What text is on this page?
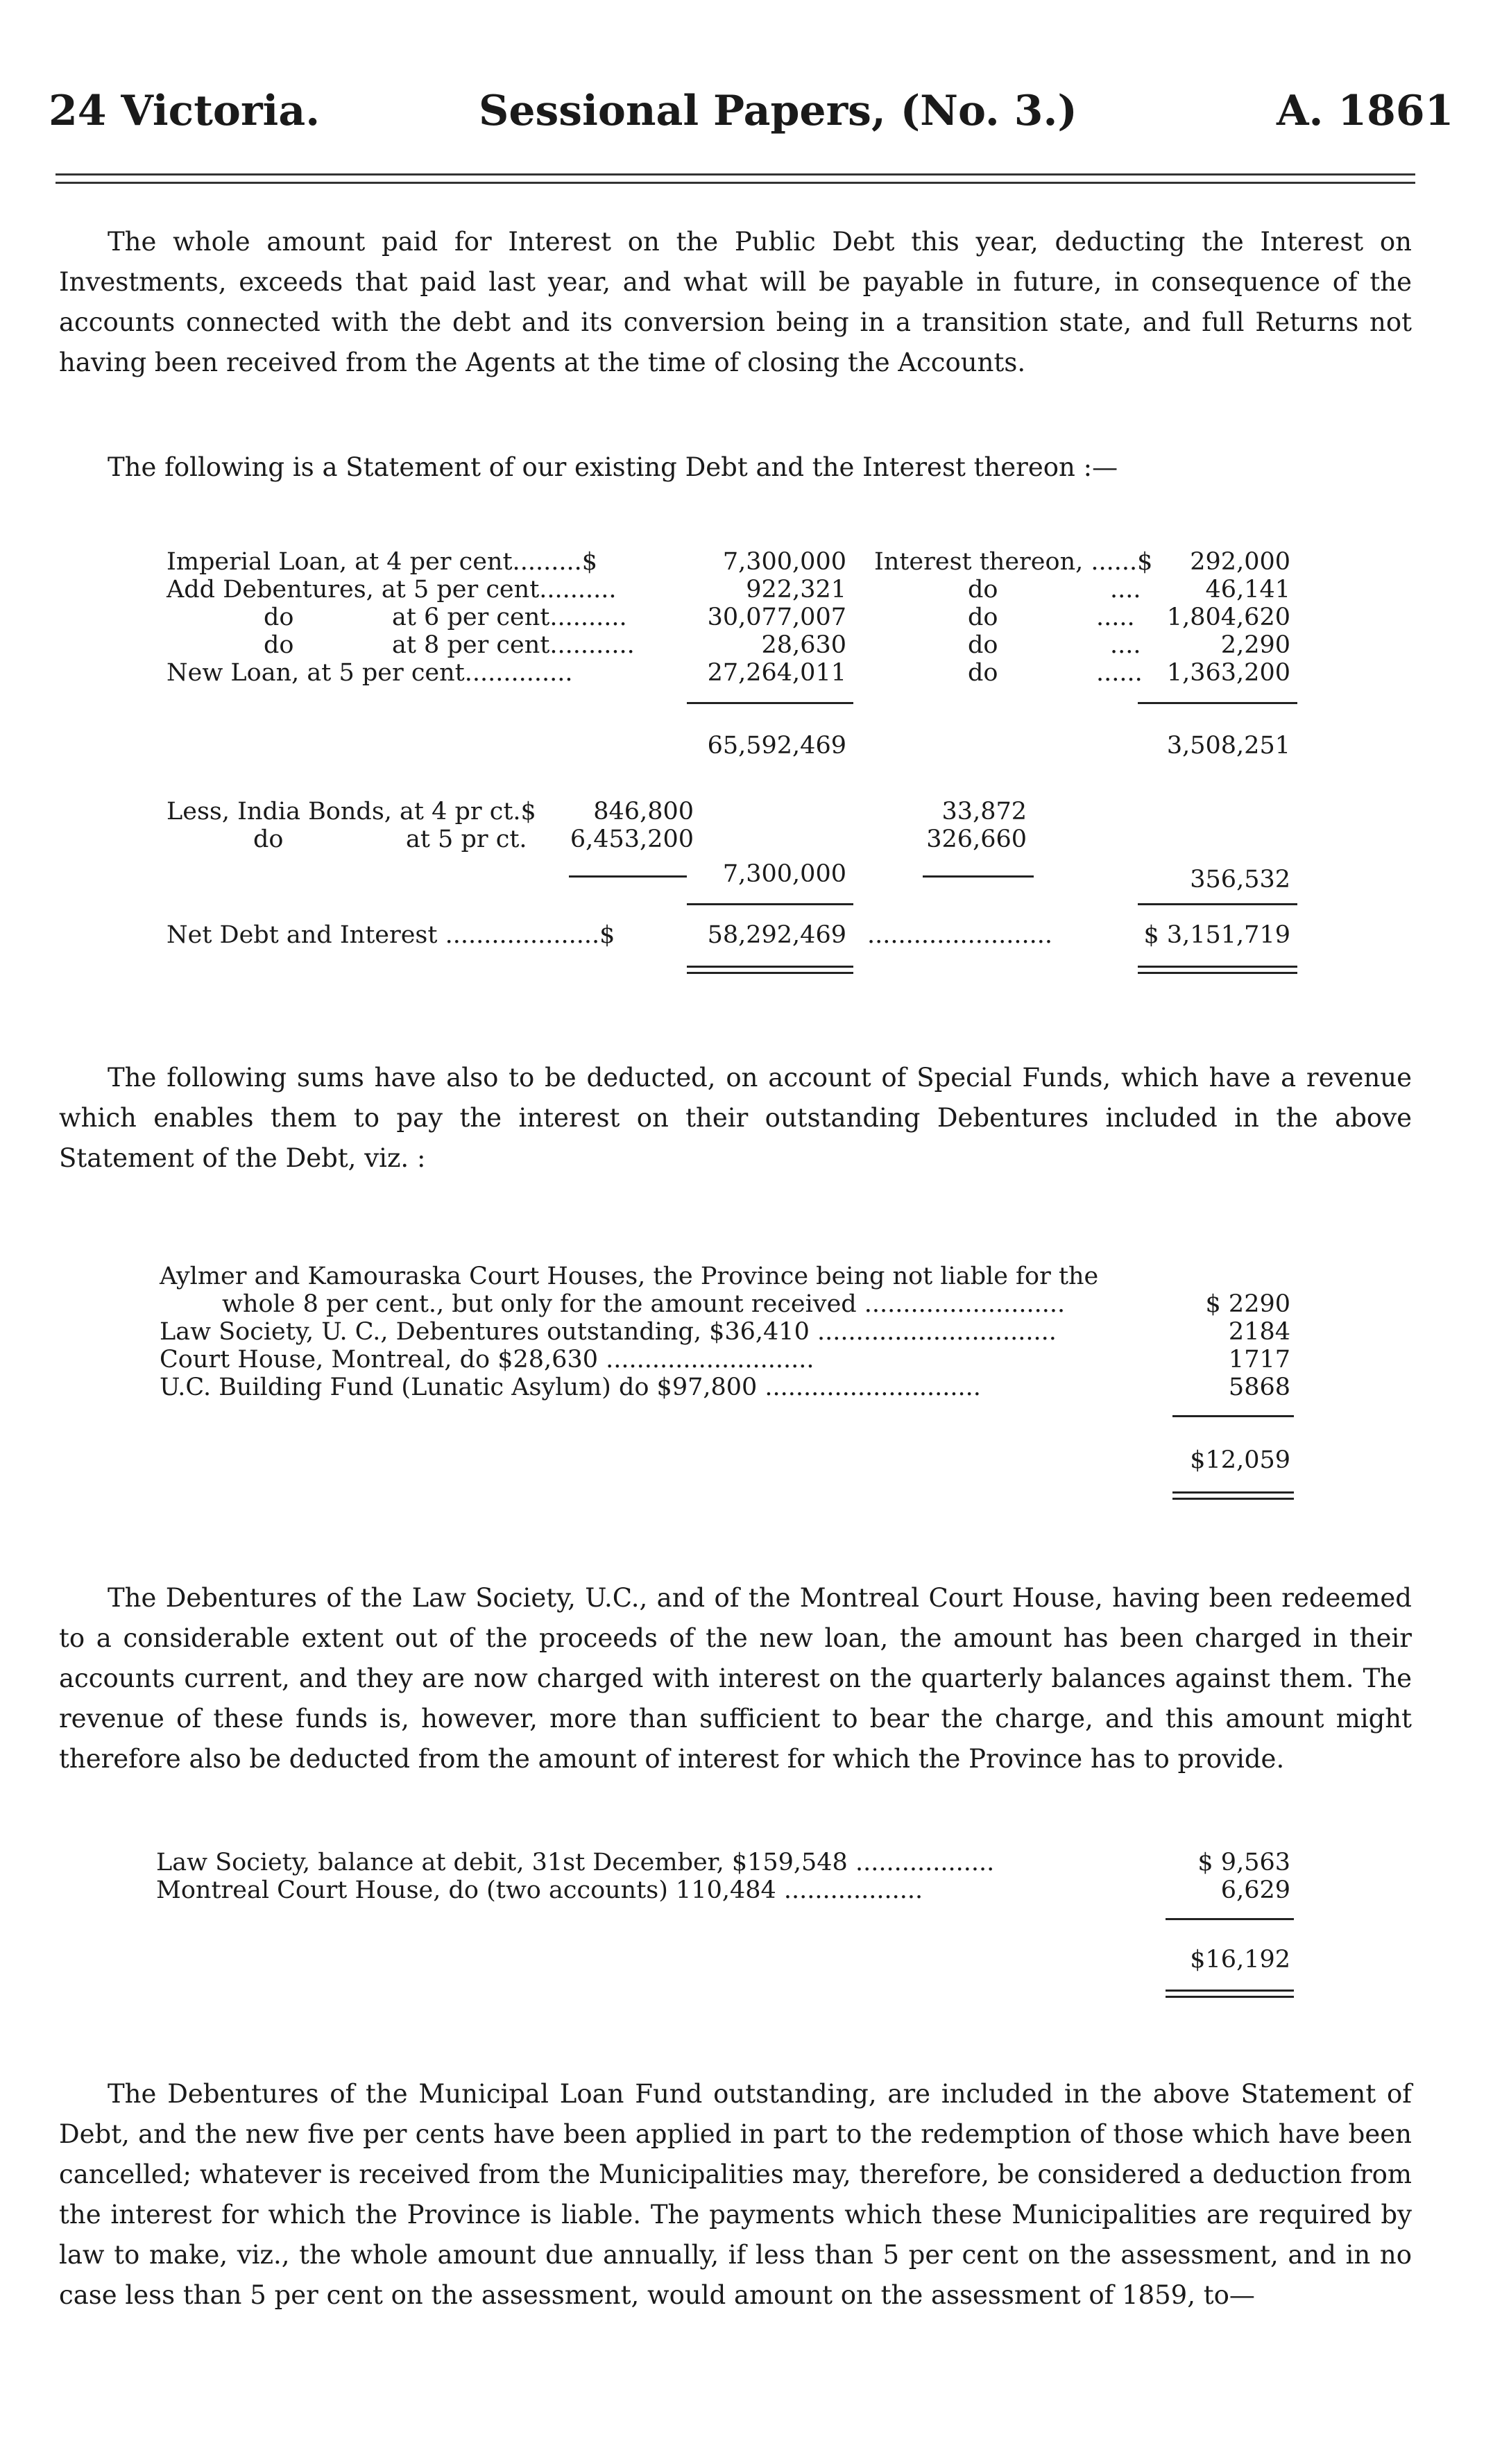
24 Victoria.	Sessional Papers, (No. 3.)	A. 1861

The whole amount paid for Interest on the Public Debt this year, deducting the Interest on Investments, exceeds that paid last year, and what will be payable in future, in consequence of the accounts connected with the debt and its conversion being in a transition state, and full Returns not having been received from the Agents at the time of closing the Accounts.

The following is a Statement of our existing Debt and the Interest thereon :—

Imperial Loan, at 4 per cent.........$	7,300,000 Interest thereon, ......$	292,000
Add Debentures, at 5 per cent..........	922,321	do	....	46,141
do	at 6 per cent..........	30,077,007	do	.....	1,804,620
do	at 8 per cent...........	28,630	do	....	2,290
New Loan, at 5 per cent..............	27,264,011	do	......	1,363,200
65,592,469	3,508,251
Less, India Bonds, at 4 pr ct.$	846,800	33,872
do	at 5 pr ct.	6,453,200	326,660
7,300,000	356,532
Net Debt and Interest ....................$	58,292,469 ........................	$ 3,151,719

The following sums have also to be deducted, on account of Special Funds, which have a revenue which enables them to pay the interest on their outstanding Debentures included in the above Statement of the Debt, viz. :

Aylmer and Kamouraska Court Houses, the Province being not liable for the
whole 8 per cent., but only for the amount received ..........................	$ 2290
Law Society, U. C., Debentures outstanding, $36,410 ...............................	2184
Court House, Montreal, do $28,630 ...........................	1717
U.C. Building Fund (Lunatic Asylum) do $97,800 ............................	5868
$12,059

The Debentures of the Law Society, U.C., and of the Montreal Court House, having been redeemed to a considerable extent out of the proceeds of the new loan, the amount has been charged in their accounts current, and they are now charged with interest on the quarterly balances against them. The revenue of these funds is, however, more than sufficient to bear the charge, and this amount might therefore also be deducted from the amount of interest for which the Province has to provide.

Law Society, balance at debit, 31st December, $159,548 ..................	$ 9,563
Montreal Court House, do (two accounts) 110,484 ..................	6,629
$16,192

The Debentures of the Municipal Loan Fund outstanding, are included in the above Statement of Debt, and the new five per cents have been applied in part to the redemption of those which have been cancelled; whatever is received from the Municipalities may, therefore, be considered a deduction from the interest for which the Province is liable. The payments which these Municipalities are required by law to make, viz., the whole amount due annually, if less than 5 per cent on the assessment, and in no case less than 5 per cent on the assessment, would amount on the assessment of 1859, to—
